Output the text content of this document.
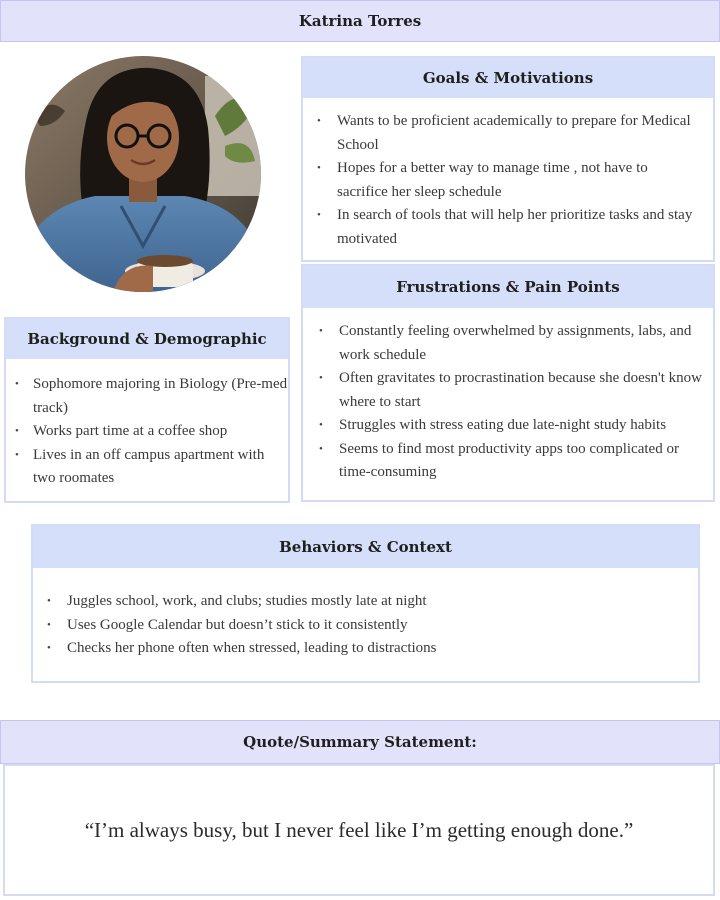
Katrina Torres
Goals & Motivations
• Wants to be proficient academically to prepare for Medical School
• Hopes for a better way to manage time , not have to sacrifice her sleep schedule
• In search of tools that will help her prioritize tasks and stay motivated
Frustrations & Pain Points
• Constantly feeling overwhelmed by assignments, labs, and work schedule
• Often gravitates to procrastination because she doesn't know where to start
• Struggles with stress eating due late-night study habits
• Seems to find most productivity apps too complicated or time-consuming
Background & Demographic
• Sophomore majoring in Biology (Pre-med track)
• Works part time at a coffee shop
• Lives in an off campus apartment with two roomates
Behaviors & Context
• Juggles school, work, and clubs; studies mostly late at night
• Uses Google Calendar but doesn’t stick to it consistently
• Checks her phone often when stressed, leading to distractions
Quote/Summary Statement:
“I’m always busy, but I never feel like I’m getting enough done.”
